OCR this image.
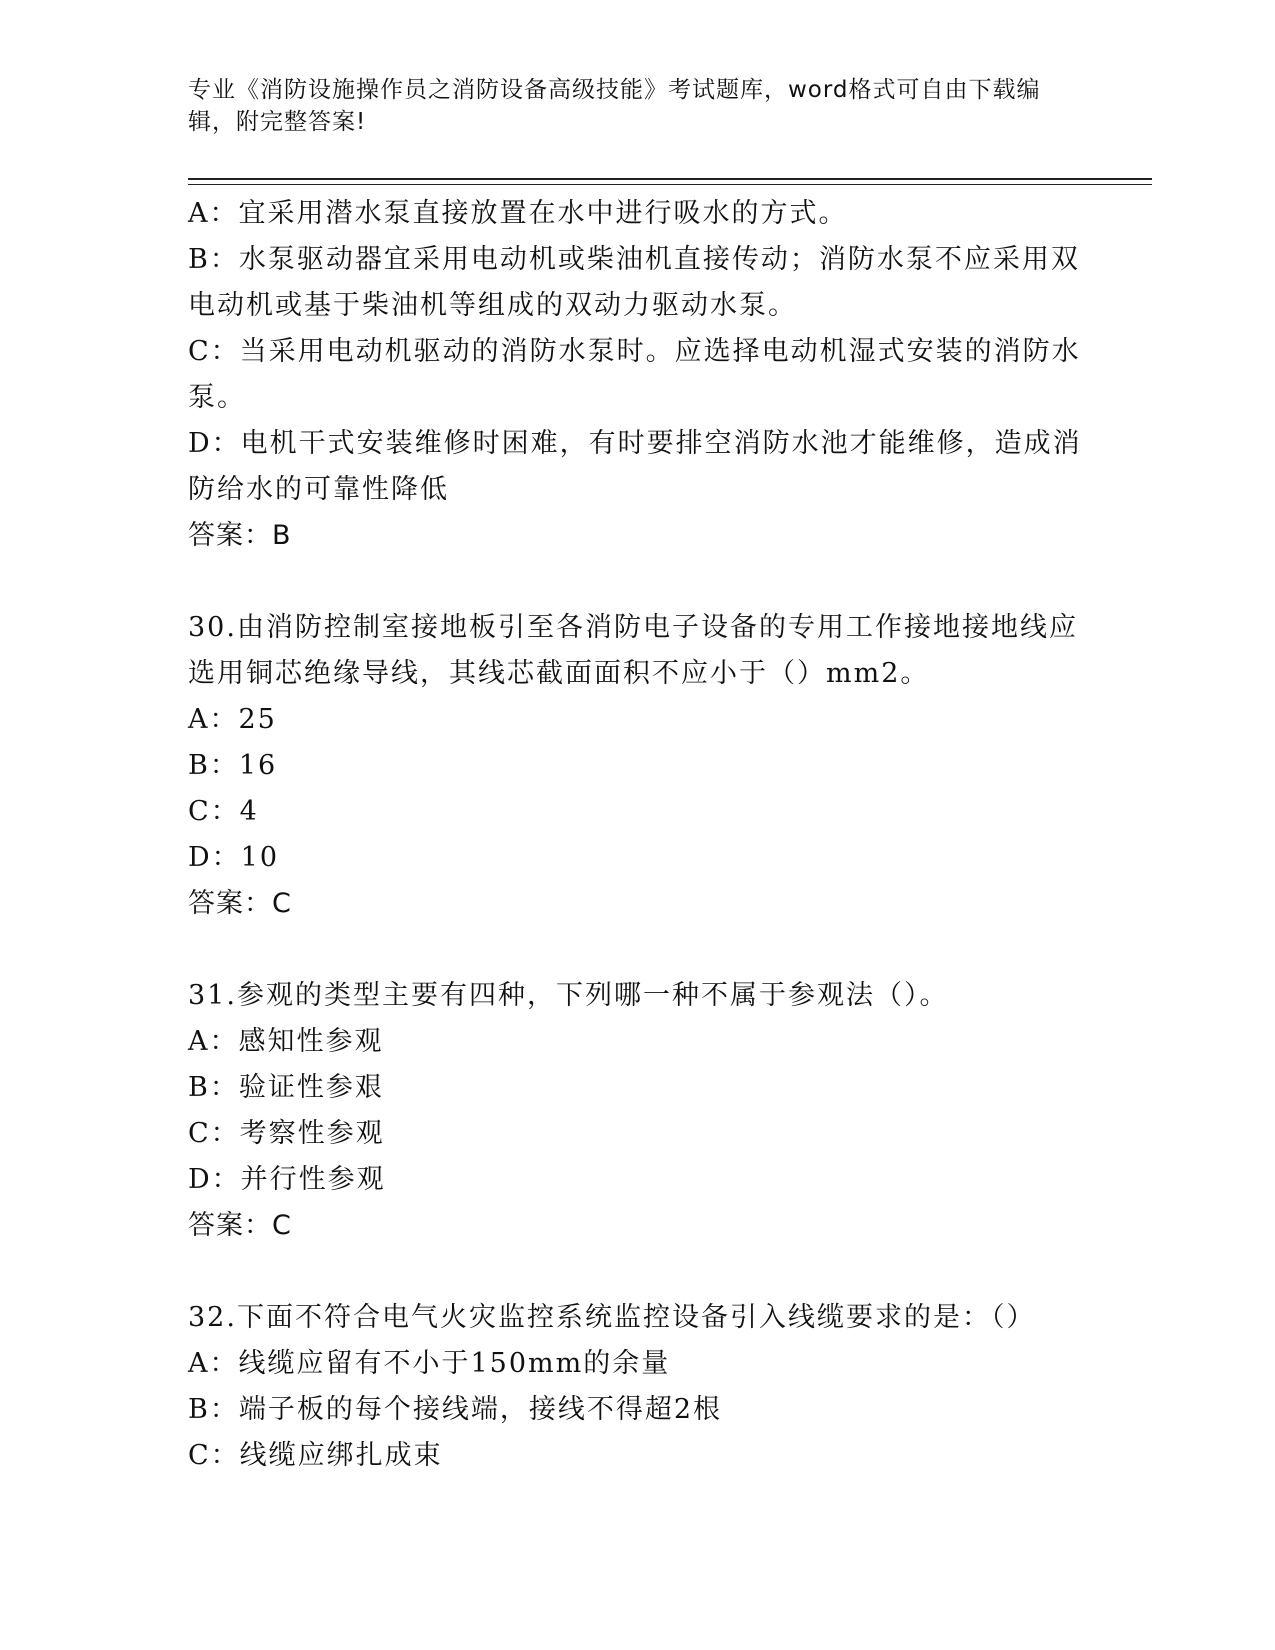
专业《消防设施操作员之消防设备高级技能》考试题库，word格式可自由下载编
辑，附完整答案!
A：宜采用潜水泵直接放置在水中进行吸水的方式。
B：水泵驱动器宜采用电动机或柴油机直接传动；消防水泵不应采用双
电动机或基于柴油机等组成的双动力驱动水泵。
C：当采用电动机驱动的消防水泵时。应选择电动机湿式安装的消防水
泵。
D：电机干式安装维修时困难，有时要排空消防水池才能维修，造成消
防给水的可靠性降低
答案：B
30.由消防控制室接地板引至各消防电子设备的专用工作接地接地线应
选用铜芯绝缘导线，其线芯截面面积不应小于（）mm2。
A：25
B：16
C：4
D：10
答案：C
31.参观的类型主要有四种，下列哪一种不属于参观法（）。
A：感知性参观
B：验证性参艰
C：考察性参观
D：并行性参观
答案：C
32.下面不符合电气火灾监控系统监控设备引入线缆要求的是：（）
A：线缆应留有不小于150mm的余量
B：端子板的每个接线端，接线不得超2根
C：线缆应绑扎成束
